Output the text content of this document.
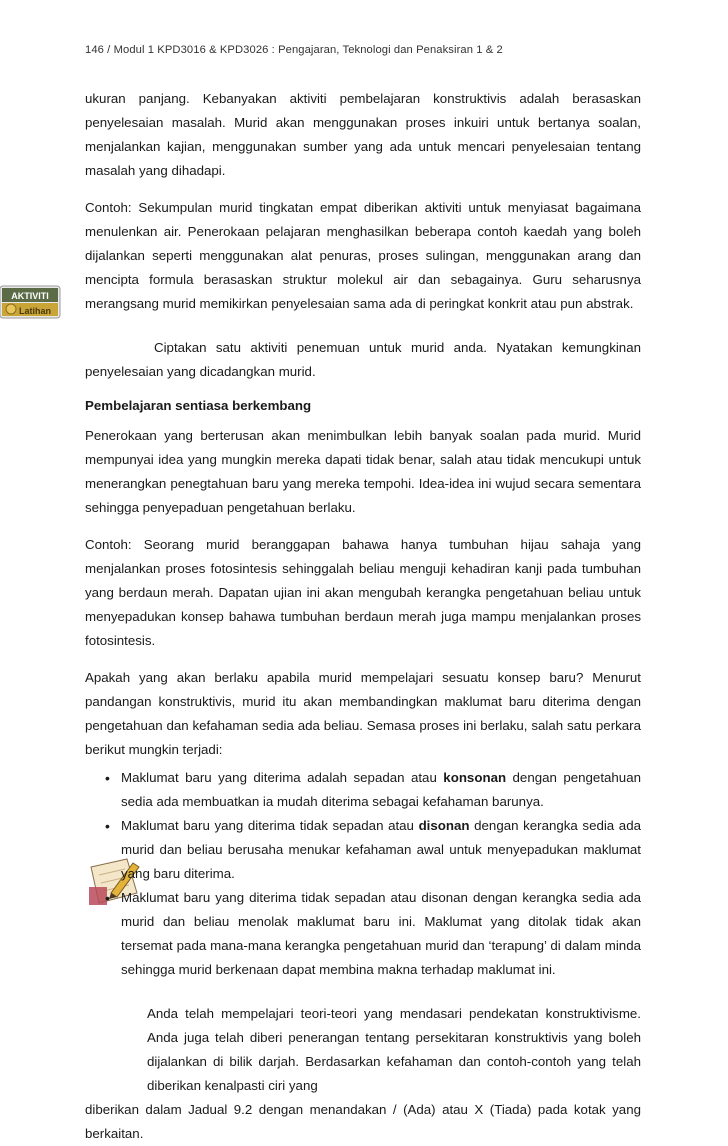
146 / Modul 1 KPD3016 & KPD3026 : Pengajaran, Teknologi dan Penaksiran 1 & 2
AKTIVITI
Latihan

ukuran panjang. Kebanyakan aktiviti pembelajaran konstruktivis adalah berasaskan penyelesaian masalah. Murid akan menggunakan proses inkuiri untuk bertanya soalan, menjalankan kajian, menggunakan sumber yang ada untuk mencari penyelesaian tentang masalah yang dihadapi.

Contoh: Sekumpulan murid tingkatan empat diberikan aktiviti untuk menyiasat bagaimana menulenkan air. Penerokaan pelajaran menghasilkan beberapa contoh kaedah yang boleh dijalankan seperti menggunakan alat penuras, proses sulingan, menggunakan arang dan mencipta formula berasaskan struktur molekul air dan sebagainya. Guru seharusnya merangsang murid memikirkan penyelesaian sama ada di peringkat konkrit atau pun abstrak.

Ciptakan satu aktiviti penemuan untuk murid anda. Nyatakan kemungkinan penyelesaian yang dicadangkan murid.

Pembelajaran sentiasa berkembang

Penerokaan yang berterusan akan menimbulkan lebih banyak soalan pada murid. Murid mempunyai idea yang mungkin mereka dapati tidak benar, salah atau tidak mencukupi untuk menerangkan penegtahuan baru yang mereka tempohi. Idea-idea ini wujud secara sementara sehingga penyepaduan pengetahuan berlaku.

Contoh: Seorang murid beranggapan bahawa hanya tumbuhan hijau sahaja yang menjalankan proses fotosintesis sehinggalah beliau menguji kehadiran kanji pada tumbuhan yang berdaun merah. Dapatan ujian ini akan mengubah kerangka pengetahuan beliau untuk menyepadukan konsep bahawa tumbuhan berdaun merah juga mampu menjalankan proses fotosintesis.

Apakah yang akan berlaku apabila murid mempelajari sesuatu konsep baru? Menurut pandangan konstruktivis, murid itu akan membandingkan maklumat baru diterima dengan pengetahuan dan kefahaman sedia ada beliau. Semasa proses ini berlaku, salah satu perkara berikut mungkin terjadi:

• Maklumat baru yang diterima adalah sepadan atau konsonan dengan pengetahuan sedia ada membuatkan ia mudah diterima sebagai kefahaman barunya.
• Maklumat baru yang diterima tidak sepadan atau disonan dengan kerangka sedia ada murid dan beliau berusaha menukar kefahaman awal untuk menyepadukan maklumat yang baru diterima.
• Maklumat baru yang diterima tidak sepadan atau disonan dengan kerangka sedia ada murid dan beliau menolak maklumat baru ini. Maklumat yang ditolak tidak akan tersemat pada mana-mana kerangka pengetahuan murid dan ‘terapung’ di dalam minda sehingga murid berkenaan dapat membina makna terhadap maklumat ini.

Anda telah mempelajari teori-teori yang mendasari pendekatan konstruktivisme. Anda juga telah diberi penerangan tentang persekitaran konstruktivis yang boleh dijalankan di bilik darjah. Berdasarkan kefahaman dan contoh-contoh yang telah diberikan kenalpasti ciri yang

diberikan dalam Jadual 9.2 dengan menandakan / (Ada) atau X (Tiada) pada kotak yang berkaitan.
